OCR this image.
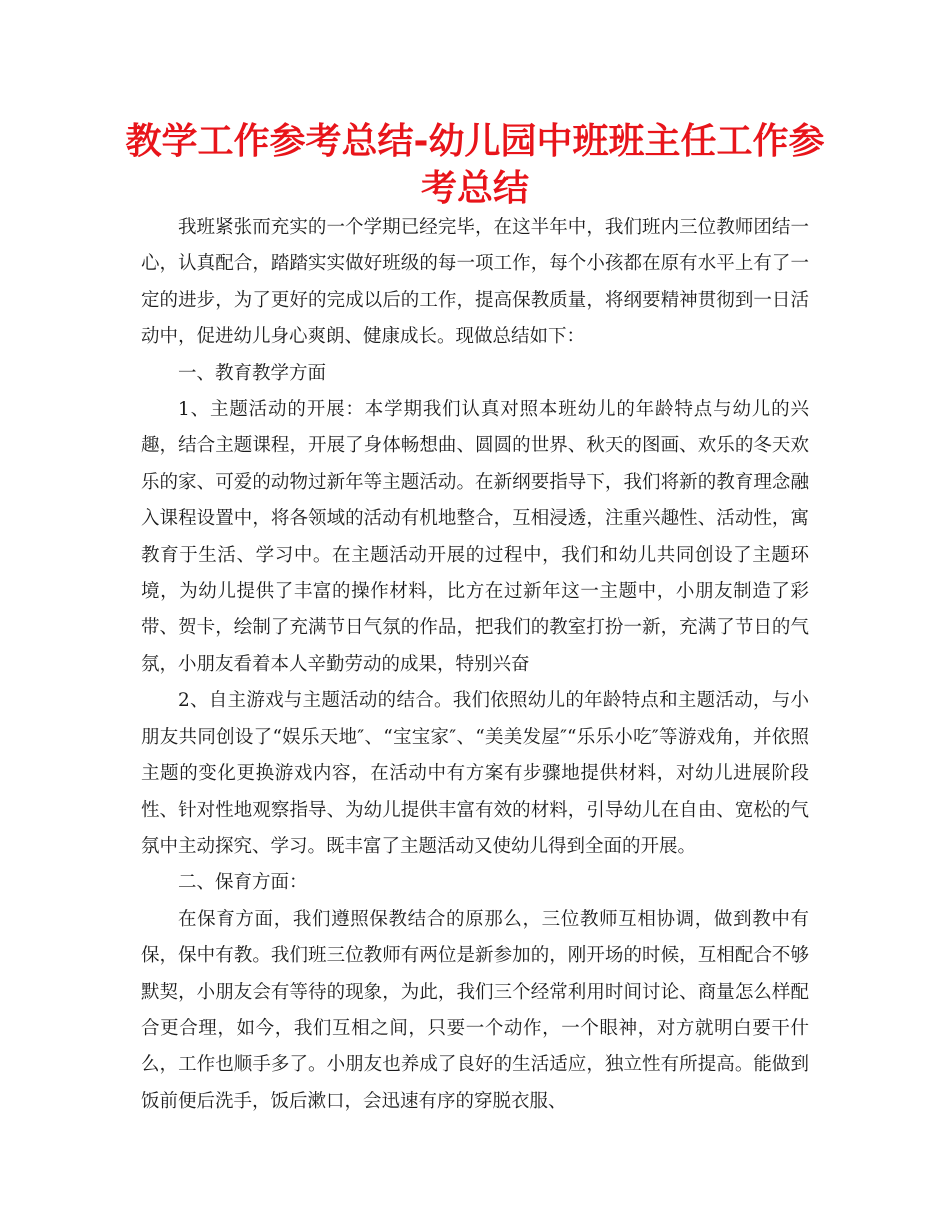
教学工作参考总结-幼儿园中班班主任工作参考总结

我班紧张而充实的一个学期已经完毕，在这半年中，我们班内三位教师团结一心，认真配合，踏踏实实做好班级的每一项工作，每个小孩都在原有水平上有了一定的进步，为了更好的完成以后的工作，提高保教质量，将纲要精神贯彻到一日活动中，促进幼儿身心爽朗、健康成长。现做总结如下：

一、教育教学方面

1、主题活动的开展：本学期我们认真对照本班幼儿的年龄特点与幼儿的兴趣，结合主题课程，开展了身体畅想曲、圆圆的世界、秋天的图画、欢乐的冬天欢乐的家、可爱的动物过新年等主题活动。在新纲要指导下，我们将新的教育理念融入课程设置中，将各领域的活动有机地整合，互相浸透，注重兴趣性、活动性，寓教育于生活、学习中。在主题活动开展的过程中，我们和幼儿共同创设了主题环境，为幼儿提供了丰富的操作材料，比方在过新年这一主题中，小朋友制造了彩带、贺卡，绘制了充满节日气氛的作品，把我们的教室打扮一新，充满了节日的气氛，小朋友看着本人辛勤劳动的成果，特别兴奋

2、自主游戏与主题活动的结合。我们依照幼儿的年龄特点和主题活动，与小朋友共同创设了“娱乐天地″、“宝宝家″、“美美发屋″“乐乐小吃″等游戏角，并依照主题的变化更换游戏内容，在活动中有方案有步骤地提供材料，对幼儿进展阶段性、针对性地观察指导、为幼儿提供丰富有效的材料，引导幼儿在自由、宽松的气氛中主动探究、学习。既丰富了主题活动又使幼儿得到全面的开展。

二、保育方面：

在保育方面，我们遵照保教结合的原那么，三位教师互相协调，做到教中有保，保中有教。我们班三位教师有两位是新参加的，刚开场的时候，互相配合不够默契，小朋友会有等待的现象，为此，我们三个经常利用时间讨论、商量怎么样配合更合理，如今，我们互相之间，只要一个动作，一个眼神，对方就明白要干什么，工作也顺手多了。小朋友也养成了良好的生活适应，独立性有所提高。能做到饭前便后洗手，饭后漱口，会迅速有序的穿脱衣服、
